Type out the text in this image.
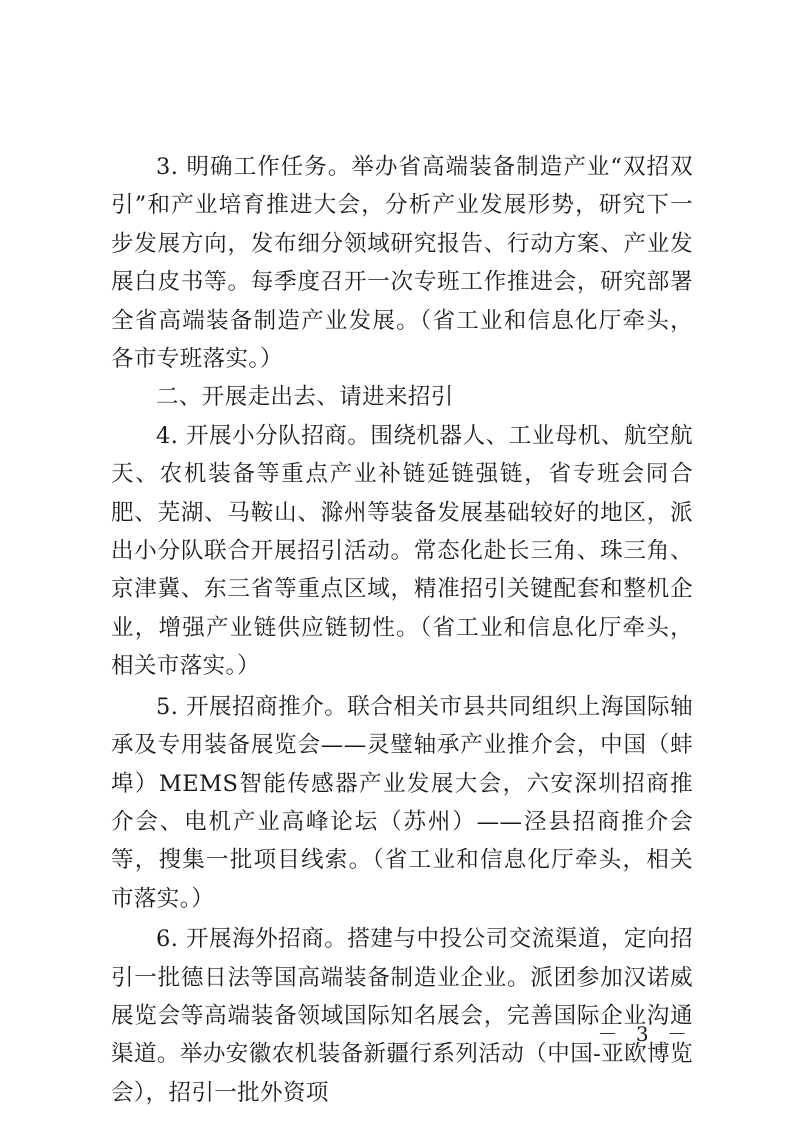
3. 明确工作任务。举办省高端装备制造产业“双招双引”和产业培育推进大会，分析产业发展形势，研究下一步发展方向，发布细分领域研究报告、行动方案、产业发展白皮书等。每季度召开一次专班工作推进会，研究部署全省高端装备制造产业发展。（省工业和信息化厅牵头，各市专班落实。）

二、开展走出去、请进来招引

4. 开展小分队招商。围绕机器人、工业母机、航空航天、农机装备等重点产业补链延链强链，省专班会同合肥、芜湖、马鞍山、滁州等装备发展基础较好的地区，派出小分队联合开展招引活动。常态化赴长三角、珠三角、京津冀、东三省等重点区域，精准招引关键配套和整机企业，增强产业链供应链韧性。（省工业和信息化厅牵头，相关市落实。）

5. 开展招商推介。联合相关市县共同组织上海国际轴承及专用装备展览会——灵璧轴承产业推介会，中国（蚌埠）MEMS智能传感器产业发展大会，六安深圳招商推介会、电机产业高峰论坛（苏州）——泾县招商推介会等，搜集一批项目线索。（省工业和信息化厅牵头，相关市落实。）

6. 开展海外招商。搭建与中投公司交流渠道，定向招引一批德日法等国高端装备制造业企业。派团参加汉诺威展览会等高端装备领域国际知名展会，完善国际企业沟通渠道。举办安徽农机装备新疆行系列活动（中国-亚欧博览会），招引一批外资项

－ 3 －
